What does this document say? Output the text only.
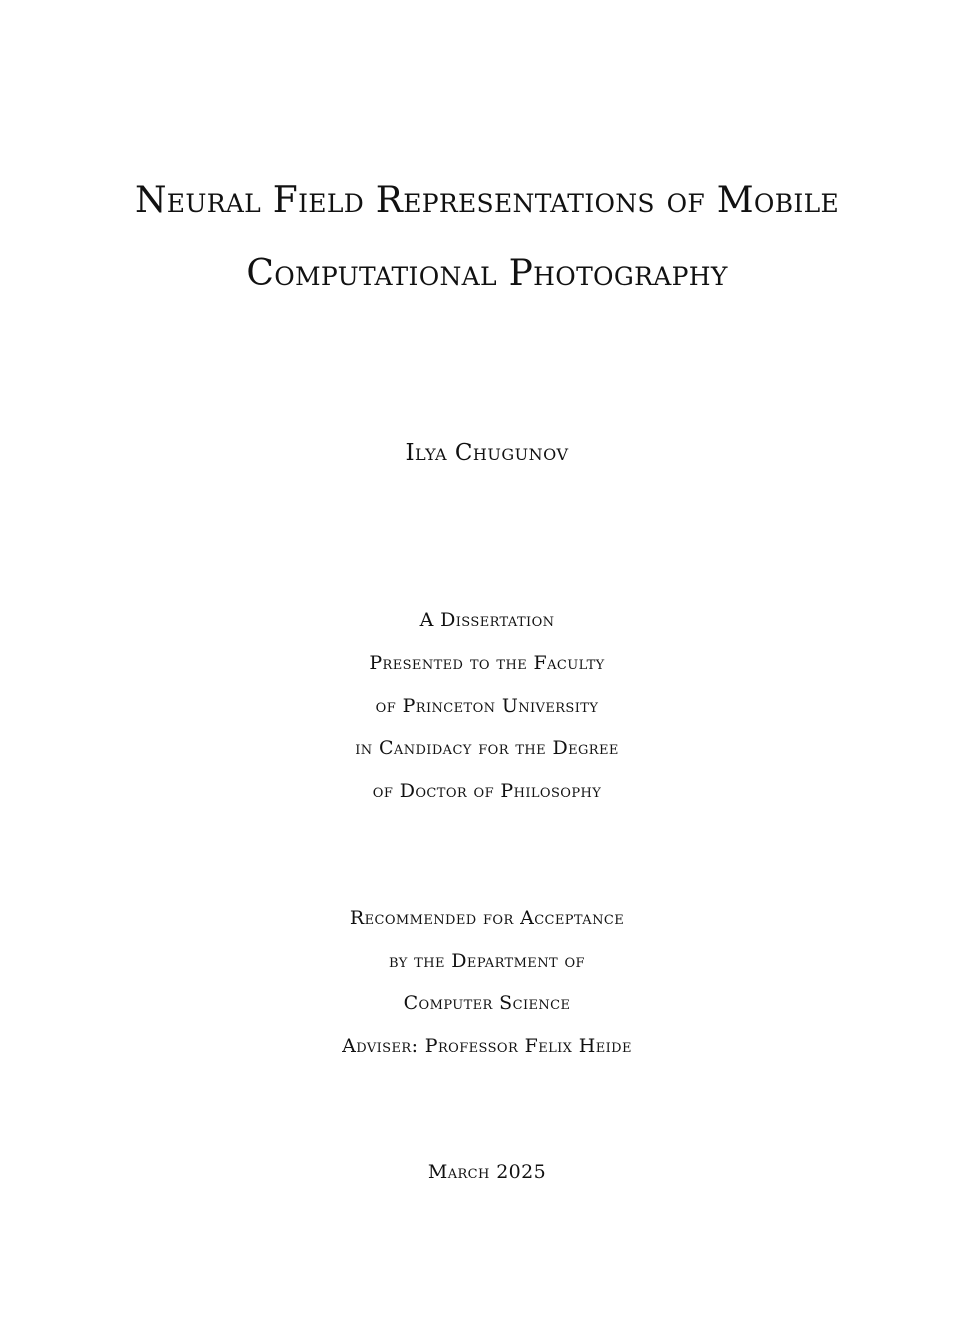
Neural Field Representations of Mobile
Computational Photography
Ilya Chugunov
A Dissertation
Presented to the Faculty
of Princeton University
in Candidacy for the Degree
of Doctor of Philosophy
Recommended for Acceptance
by the Department of
Computer Science
Adviser: Professor Felix Heide
March 2025
